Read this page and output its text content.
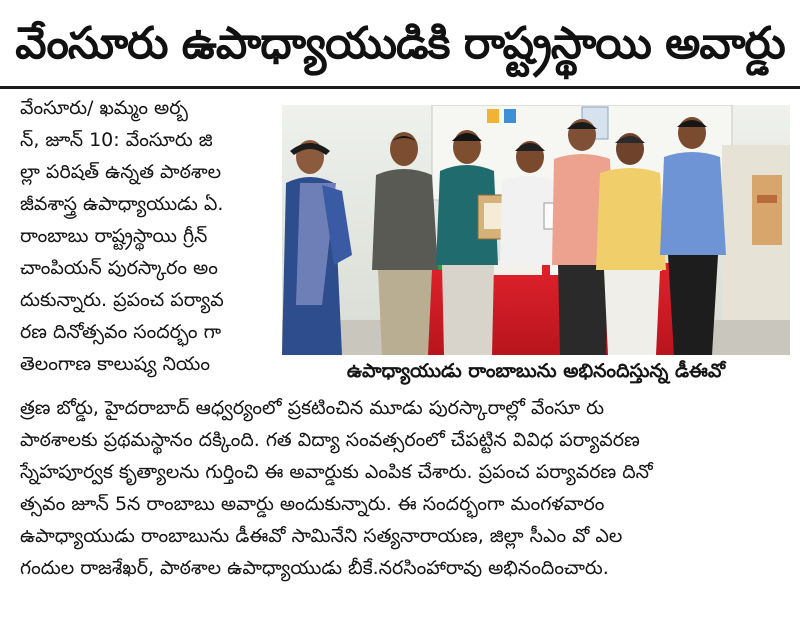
వేంసూరు ఉపాధ్యాయుడికి రాష్ట్రస్థాయి అవార్డు
వేంసూరు/ ఖమ్మం అర్బ
న్, జూన్ 10: వేంసూరు జి
ల్లా పరిషత్ ఉన్నత పాఠశాల
జీవశాస్త్ర ఉపాధ్యాయుడు ఏ.
రాంబాబు రాష్ట్రస్థాయి గ్రీన్
చాంపియన్ పురస్కారం అం
దుకున్నారు. ప్రపంచ పర్యావ
రణ దినోత్సవం సందర్భం గా
తెలంగాణ కాలుష్య నియం	ఉపాధ్యాయుడు రాంబాబును అభినందిస్తున్న డీఈవో
త్రణ బోర్డు, హైదరాబాద్ ఆధ్వర్యంలో ప్రకటించిన మూడు పురస్కారాల్లో వేంసూ రు
పాఠశాలకు ప్రథమస్థానం దక్కింది. గత విద్యా సంవత్సరంలో చేపట్టిన వివిధ పర్యావరణ
స్నేహపూర్వక కృత్యాలను గుర్తించి ఈ అవార్డుకు ఎంపిక చేశారు. ప్రపంచ పర్యావరణ దినో
త్సవం జూన్ 5న రాంబాబు అవార్డు అందుకున్నారు. ఈ సందర్భంగా మంగళవారం
ఉపాధ్యాయుడు రాంబాబును డీఈవో సామినేని సత్యనారాయణ, జిల్లా సీఎం వో ఎల
గందుల రాజశేఖర్, పాఠశాల ఉపాధ్యాయుడు బీకే.నరసింహారావు అభినందించారు.
